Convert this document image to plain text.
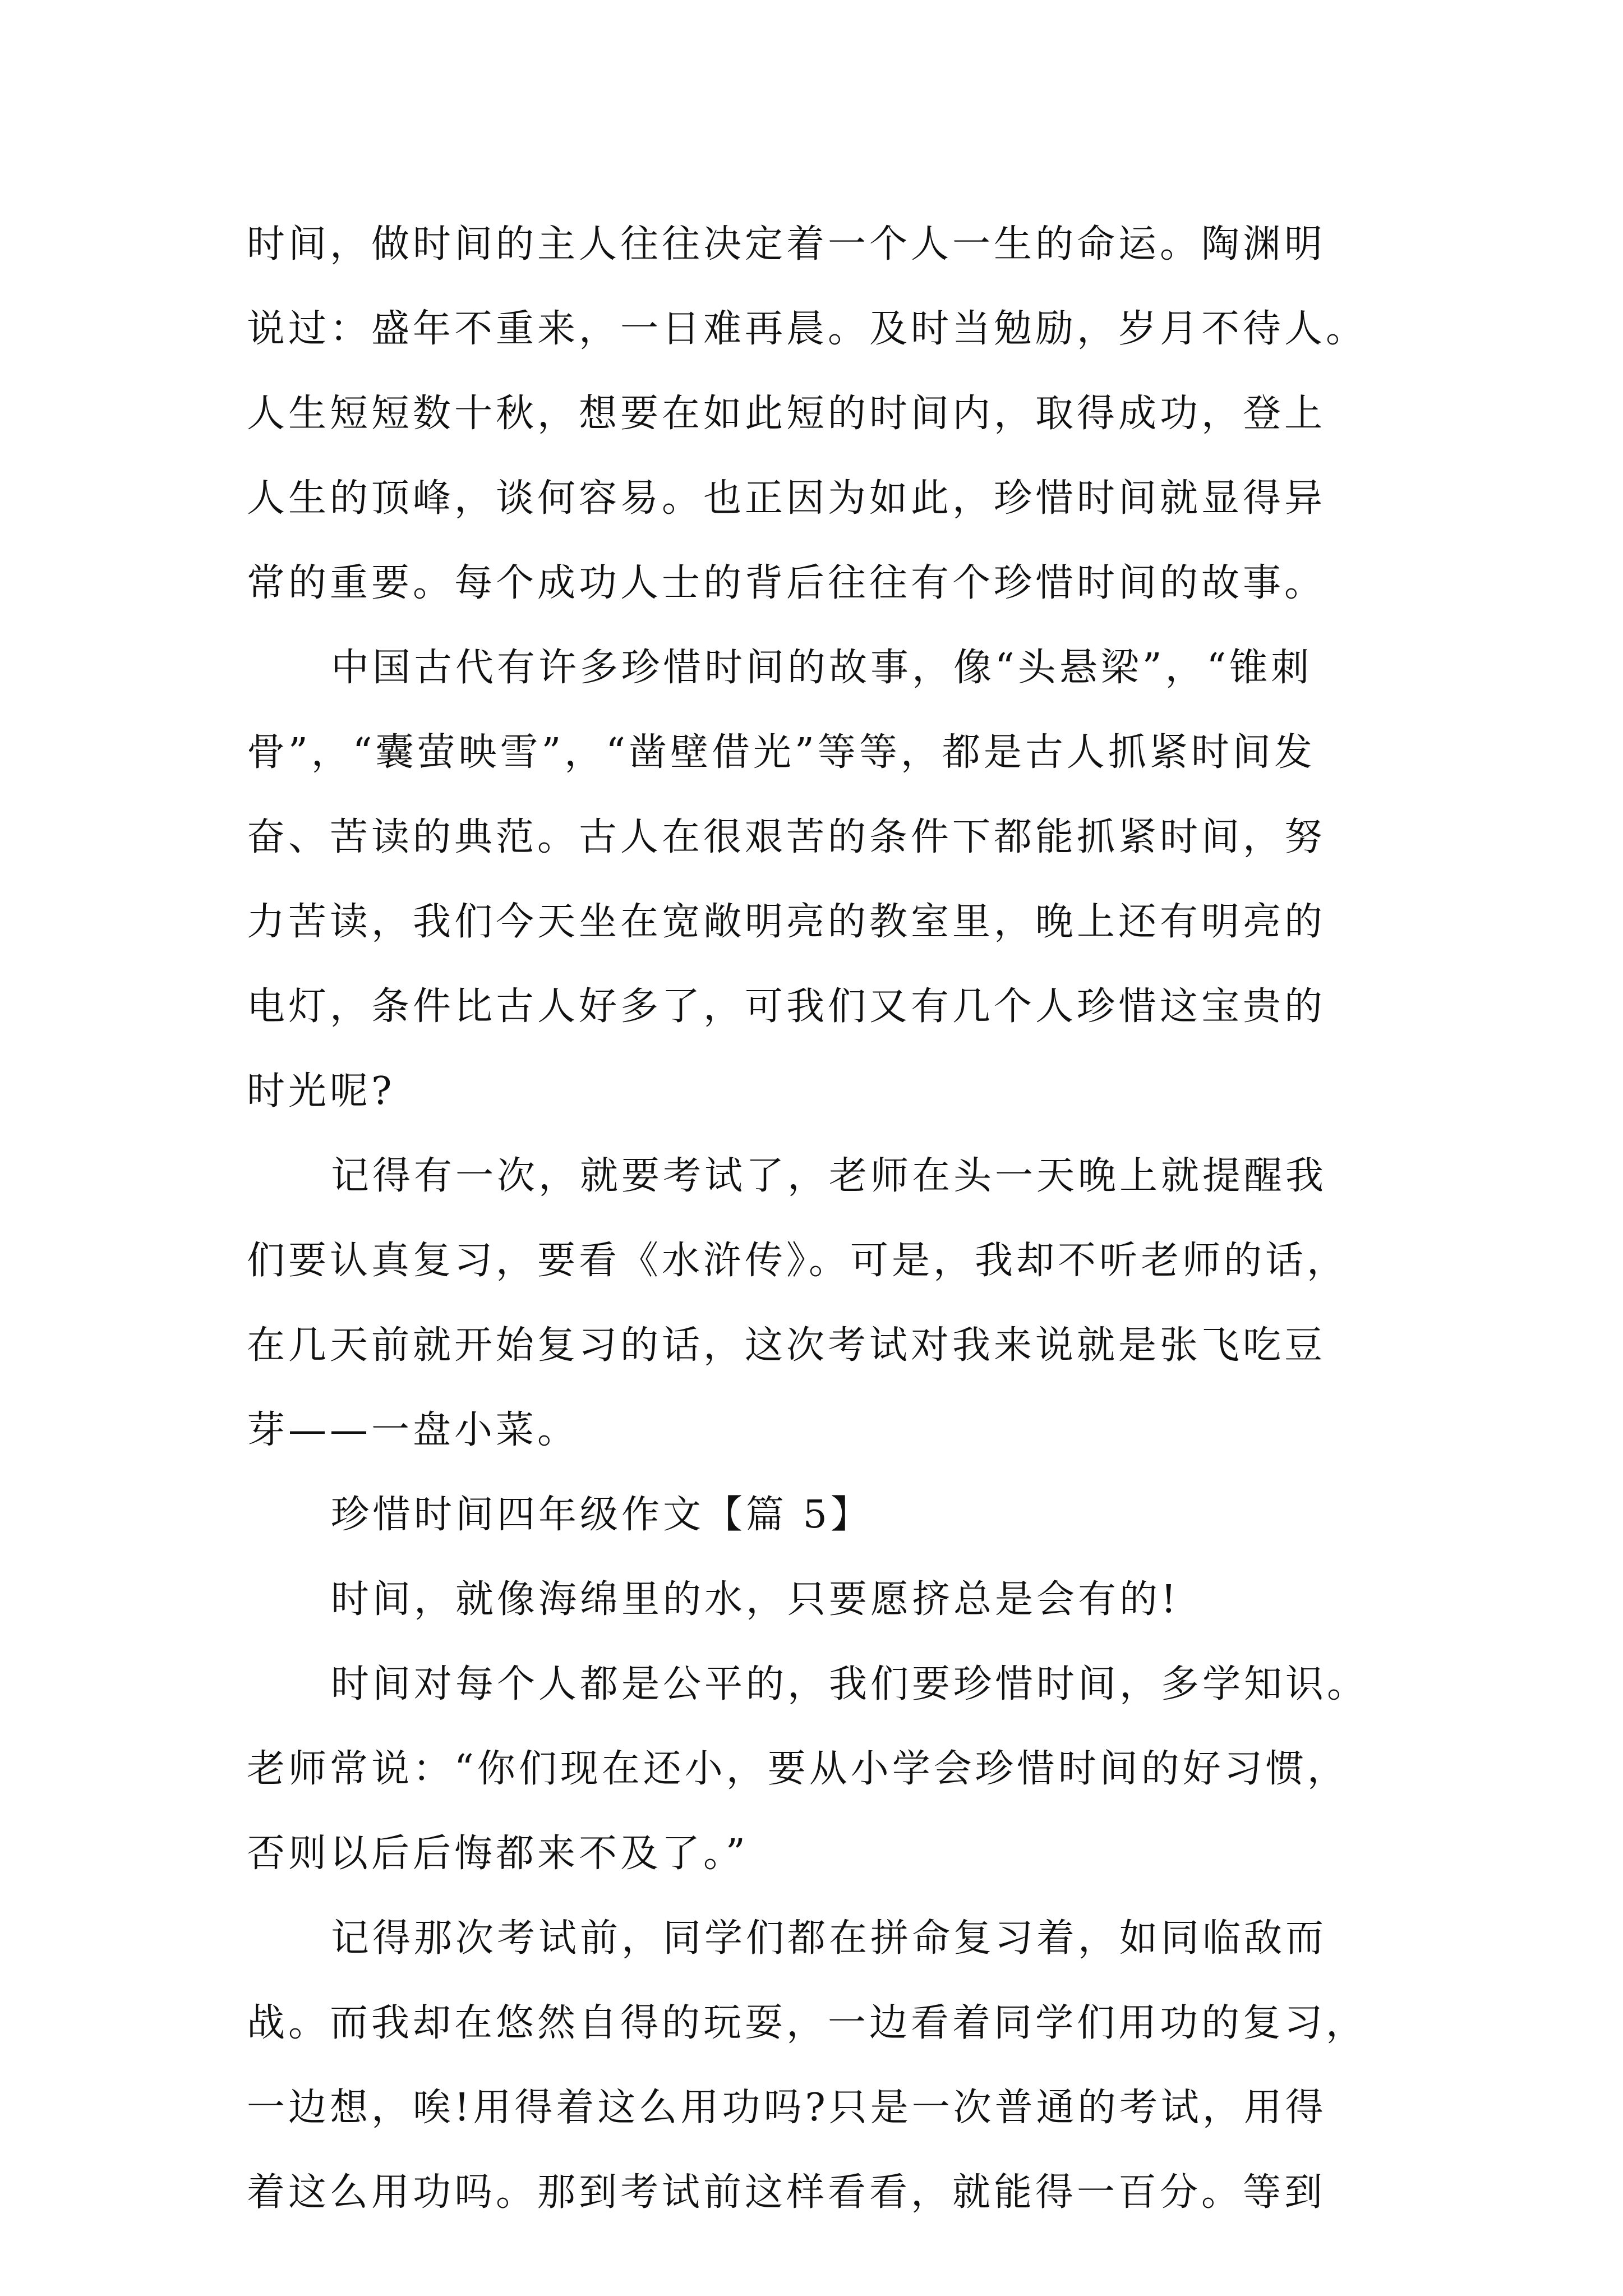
时间，做时间的主人往往决定着一个人一生的命运。陶渊明
说过：盛年不重来，一日难再晨。及时当勉励，岁月不待人。
人生短短数十秋，想要在如此短的时间内，取得成功，登上
人生的顶峰，谈何容易。也正因为如此，珍惜时间就显得异
常的重要。每个成功人士的背后往往有个珍惜时间的故事。
中国古代有许多珍惜时间的故事，像“头悬梁”，“锥刺
骨”，“囊萤映雪”，“凿壁借光”等等，都是古人抓紧时间发
奋、苦读的典范。古人在很艰苦的条件下都能抓紧时间，努
力苦读，我们今天坐在宽敞明亮的教室里，晚上还有明亮的
电灯，条件比古人好多了，可我们又有几个人珍惜这宝贵的
时光呢?
记得有一次，就要考试了，老师在头一天晚上就提醒我
们要认真复习，要看《水浒传》。可是，我却不听老师的话，
在几天前就开始复习的话，这次考试对我来说就是张飞吃豆
芽——一盘小菜。
珍惜时间四年级作文【篇 5】
时间，就像海绵里的水，只要愿挤总是会有的!
时间对每个人都是公平的，我们要珍惜时间，多学知识。
老师常说：“你们现在还小，要从小学会珍惜时间的好习惯，
否则以后后悔都来不及了。”
记得那次考试前，同学们都在拼命复习着，如同临敌而
战。而我却在悠然自得的玩耍，一边看着同学们用功的复习，
一边想，唉!用得着这么用功吗?只是一次普通的考试，用得
着这么用功吗。那到考试前这样看看，就能得一百分。等到
